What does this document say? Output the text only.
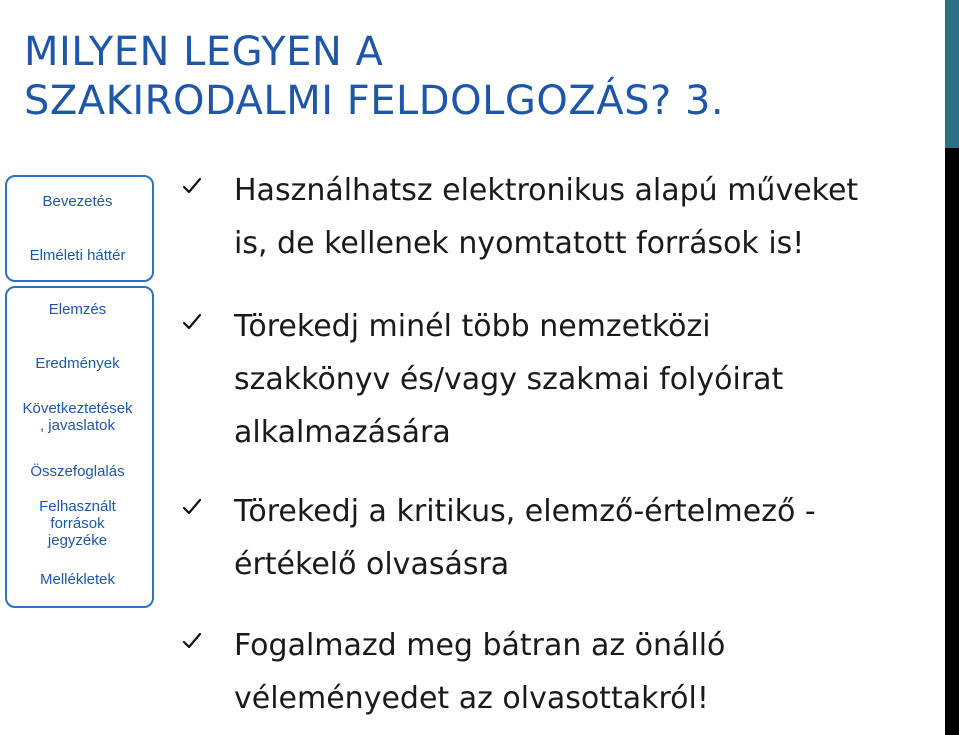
MILYEN LEGYEN A
SZAKIRODALMI FELDOLGOZÁS? 3.
Bevezetés
Elméleti háttér
Elemzés
Eredmények
Következtetések
, javaslatok
Összefoglalás
Felhasznált
források
jegyzéke
Mellékletek
Használhatsz elektronikus alapú műveket
is, de kellenek nyomtatott források is!
Törekedj minél több nemzetközi
szakkönyv és/vagy szakmai folyóirat
alkalmazására
Törekedj a kritikus, elemző-értelmező -
értékelő olvasásra
Fogalmazd meg bátran az önálló
véleményedet az olvasottakról!
